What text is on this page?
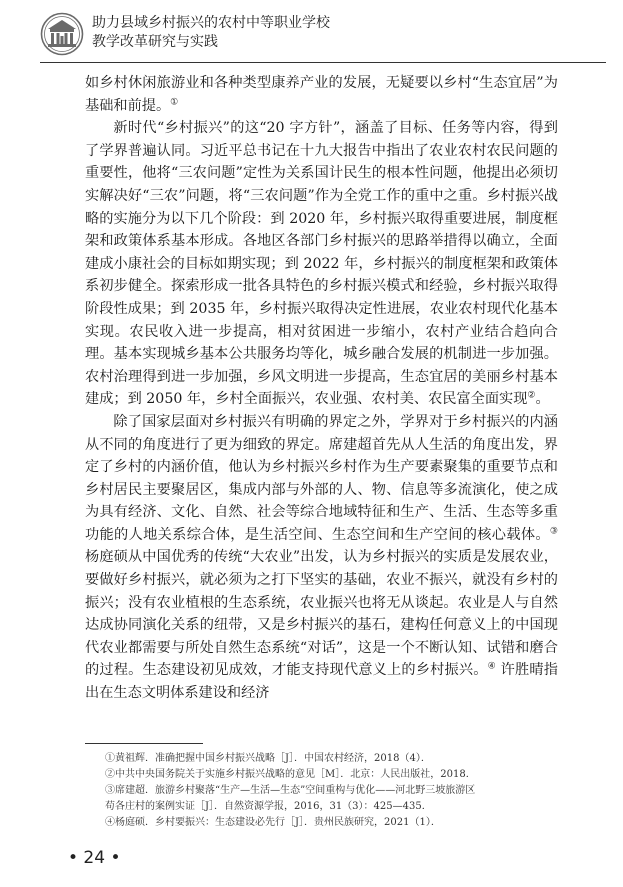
助力县域乡村振兴的农村中等职业学校
教学改革研究与实践

如乡村休闲旅游业和各种类型康养产业的发展，无疑要以乡村“生态宜居”为基础和前提。①

新时代“乡村振兴”的这“20 字方针”，涵盖了目标、任务等内容，得到了学界普遍认同。习近平总书记在十九大报告中指出了农业农村农民问题的重要性，他将“三农问题”定性为关系国计民生的根本性问题，他提出必须切实解决好“三农”问题，将“三农问题”作为全党工作的重中之重。乡村振兴战略的实施分为以下几个阶段：到 2020 年，乡村振兴取得重要进展，制度框架和政策体系基本形成。各地区各部门乡村振兴的思路举措得以确立，全面建成小康社会的目标如期实现；到 2022 年，乡村振兴的制度框架和政策体系初步健全。探索形成一批各具特色的乡村振兴模式和经验，乡村振兴取得阶段性成果；到 2035 年，乡村振兴取得决定性进展，农业农村现代化基本实现。农民收入进一步提高，相对贫困进一步缩小，农村产业结合趋向合理。基本实现城乡基本公共服务均等化，城乡融合发展的机制进一步加强。农村治理得到进一步加强，乡风文明进一步提高，生态宜居的美丽乡村基本建成；到 2050 年，乡村全面振兴，农业强、农村美、农民富全面实现②。

除了国家层面对乡村振兴有明确的界定之外，学界对于乡村振兴的内涵从不同的角度进行了更为细致的界定。席建超首先从人生活的角度出发，界定了乡村的内涵价值，他认为乡村振兴乡村作为生产要素聚集的重要节点和乡村居民主要聚居区，集成内部与外部的人、物、信息等多流演化，使之成为具有经济、文化、自然、社会等综合地域特征和生产、生活、生态等多重功能的人地关系综合体，是生活空间、生态空间和生产空间的核心载体。③ 杨庭硕从中国优秀的传统“大农业”出发，认为乡村振兴的实质是发展农业，要做好乡村振兴，就必须为之打下坚实的基础，农业不振兴，就没有乡村的振兴；没有农业植根的生态系统，农业振兴也将无从谈起。农业是人与自然达成协同演化关系的纽带，又是乡村振兴的基石，建构任何意义上的中国现代农业都需要与所处自然生态系统“对话”，这是一个不断认知、试错和磨合的过程。生态建设初见成效，才能支持现代意义上的乡村振兴。④ 许胜晴指出在生态文明体系建设和经济

①黄祖辉．准确把握中国乡村振兴战略［J］．中国农村经济，2018（4）．
②中共中央国务院关于实施乡村振兴战略的意见［M］．北京：人民出版社，2018．
③席建超．旅游乡村聚落“生产—生活—生态”空间重构与优化——河北野三坡旅游区
苟各庄村的案例实证［J］．自然资源学报，2016，31（3）：425—435．
④杨庭硕．乡村要振兴：生态建设必先行［J］．贵州民族研究，2021（1）．
• 24 •
